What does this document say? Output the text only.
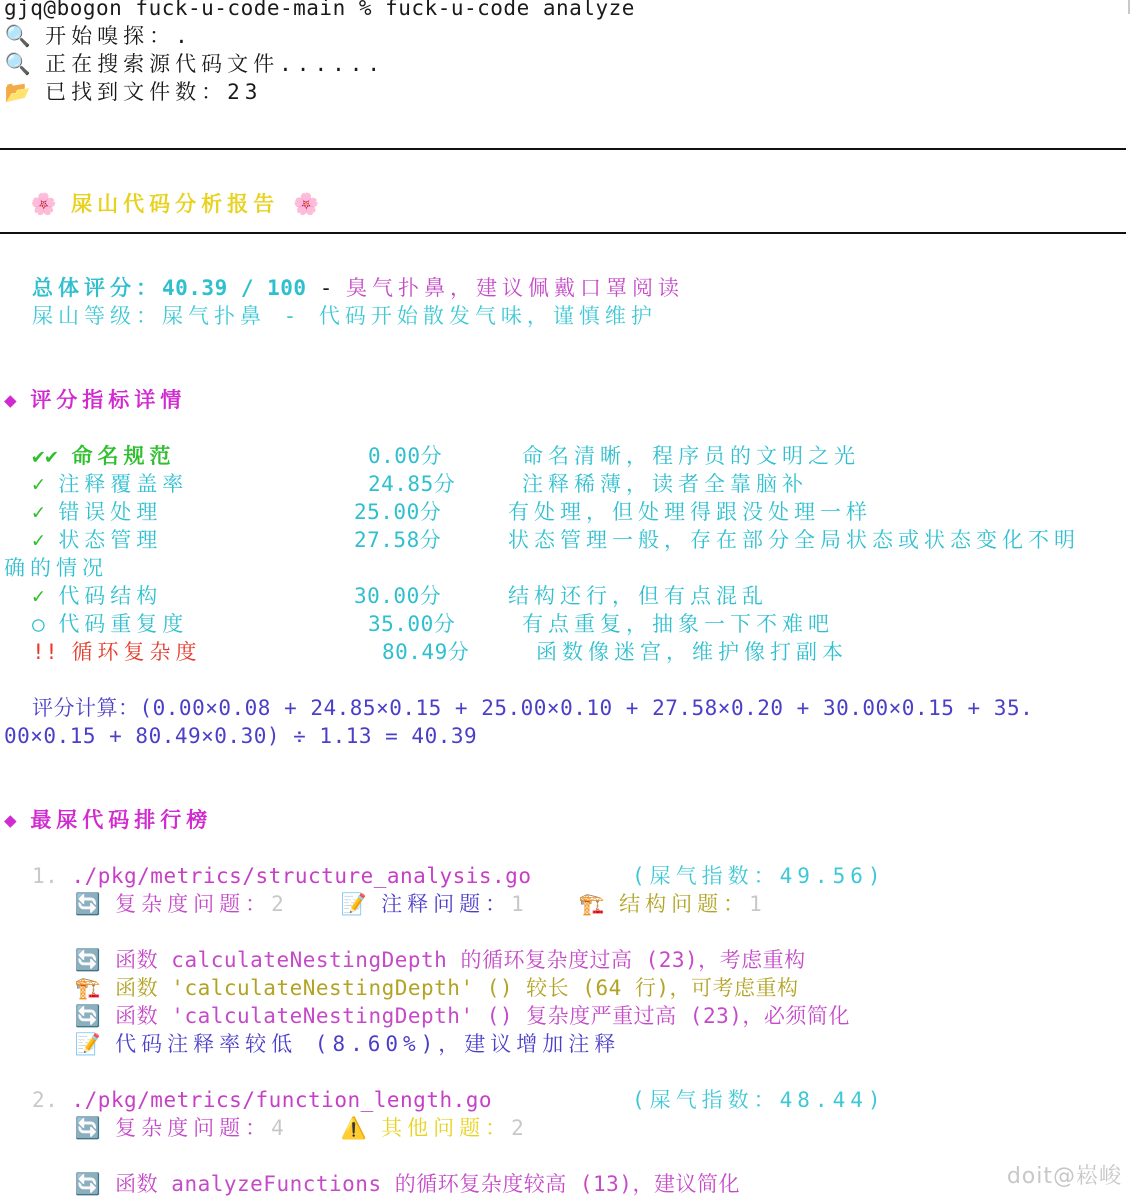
gjq@bogon fuck-u-code-main % fuck-u-code analyze
🔍 开始嗅探：.
🔍 正在搜索源代码文件......
📂 已找到文件数：23
🌸 屎山代码分析报告 🌸
总体评分：40.39 / 100 - 臭气扑鼻，建议佩戴口罩阅读
屎山等级：屎气扑鼻 - 代码开始散发气味，谨慎维护
◆ 评分指标详情
✔✔ 命名规范	0.00分	命名清晰，程序员的文明之光
✓ 注释覆盖率	24.85分	注释稀薄，读者全靠脑补
✓ 错误处理	25.00分	有处理，但处理得跟没处理一样
✓ 状态管理	27.58分	状态管理一般，存在部分全局状态或状态变化不明
确的情况
✓ 代码结构	30.00分	结构还行，但有点混乱
○ 代码重复度	35.00分	有点重复，抽象一下不难吧
!! 循环复杂度	80.49分	函数像迷宫，维护像打副本
评分计算：(0.00×0.08 + 24.85×0.15 + 25.00×0.10 + 27.58×0.20 + 30.00×0.15 + 35.
00×0.15 + 80.49×0.30) ÷ 1.13 = 40.39
◆ 最屎代码排行榜
1. ./pkg/metrics/structure_analysis.go	(屎气指数：49.56)
🔄 复杂度问题：2	📝 注释问题：1	🏗️ 结构问题：1
🔄 函数 calculateNestingDepth 的循环复杂度过高 (23)，考虑重构
🏗️ 函数 'calculateNestingDepth' () 较长 (64 行)，可考虑重构
🔄 函数 'calculateNestingDepth' () 复杂度严重过高 (23)，必须简化
📝 代码注释率较低 (8.60%)，建议增加注释
2. ./pkg/metrics/function_length.go	(屎气指数：48.44)
🔄 复杂度问题：4	⚠️ 其他问题：2
🔄 函数 analyzeFunctions 的循环复杂度较高 (13)，建议简化	doit@崧峻
